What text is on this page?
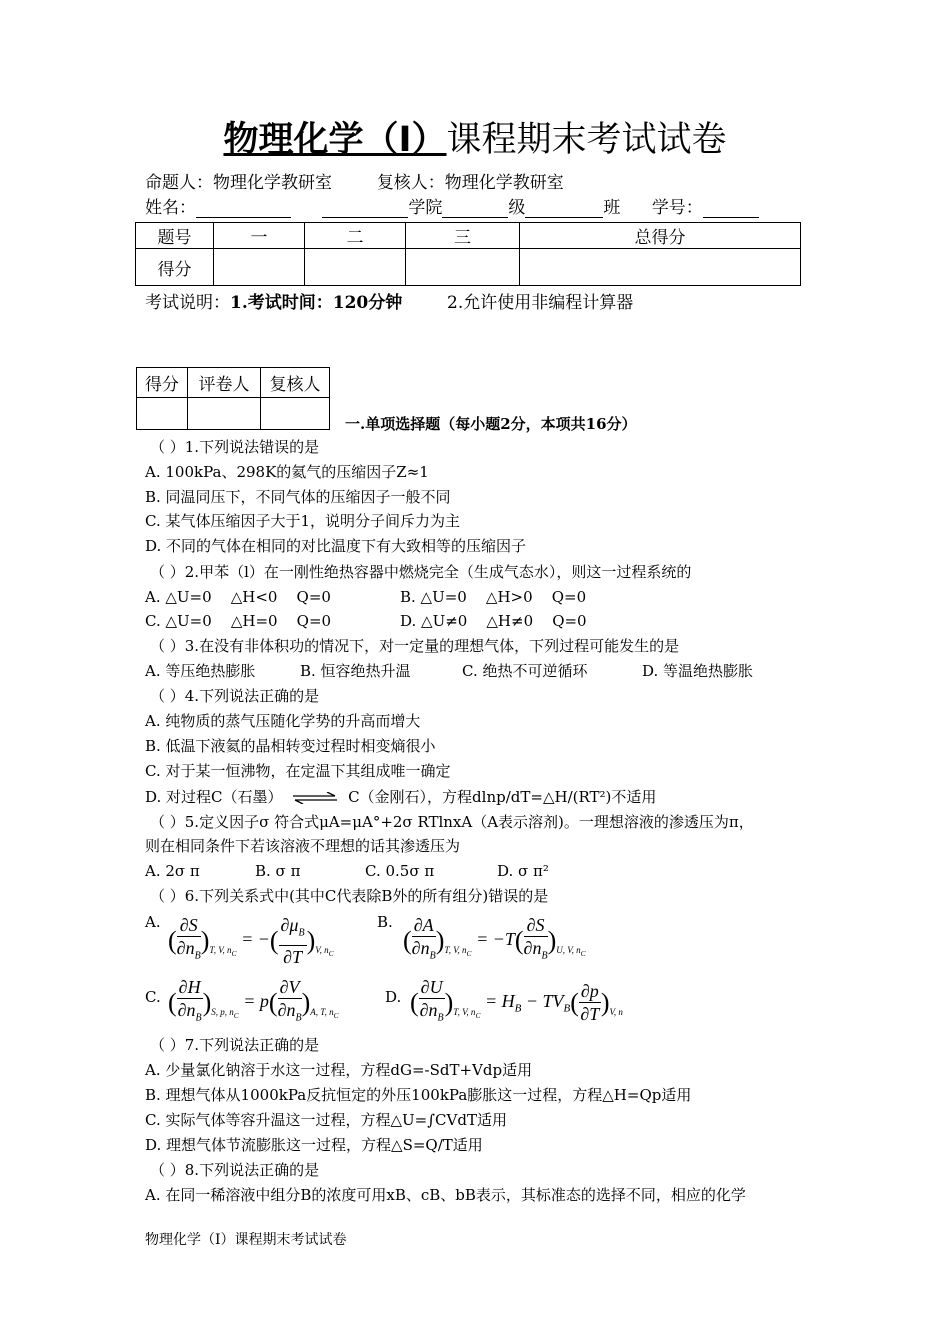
物理化学（Ⅰ）课程期末考试试卷
命题人：物理化学教研室	复核人：物理化学教研室
姓名：	学院	级	班 学号：
题号	一	二	三	总得分
得分				
考试说明：1.考试时间：120分钟	2.允许使用非编程计算器
得分	评卷人	复核人

一.单项选择题（每小题2分，本项共16分）
（ ）1.下列说法错误的是
A. 100kPa、298K的氦气的压缩因子Z≈1
B. 同温同压下，不同气体的压缩因子一般不同
C. 某气体压缩因子大于1，说明分子间斥力为主
D. 不同的气体在相同的对比温度下有大致相等的压缩因子
（ ）2.甲苯（l）在一刚性绝热容器中燃烧完全（生成气态水），则这一过程系统的
A. △U=0    △H<0    Q=0	B. △U=0    △H>0    Q=0
C. △U=0    △H=0    Q=0	D. △U≠0    △H≠0    Q=0
（ ）3.在没有非体积功的情况下，对一定量的理想气体，下列过程可能发生的是
A. 等压绝热膨胀	B. 恒容绝热升温	C. 绝热不可逆循环	D. 等温绝热膨胀
（ ）4.下列说法正确的是
A. 纯物质的蒸气压随化学势的升高而增大
B. 低温下液氦的晶相转变过程时相变熵很小
C. 对于某一恒沸物，在定温下其组成唯一确定
D. 对过程C（石墨） ⇌ C（金刚石），方程dlnp/dT=△H/(RT²)不适用
（ ）5.定义因子σ 符合式μA=μA°+2σ RTlnxA（A表示溶剂)。一理想溶液的渗透压为π，
则在相同条件下若该溶液不理想的话其渗透压为
A. 2σ π	B. σ π	C. 0.5σ π	D. σ π²
（ ）6.下列关系式中(其中C代表除B外的所有组分)错误的是
A.
( $\frac{\partial S}{\partial n_B} )_{T, V, n_C}$ = −( $\frac{\partial\mu_B}{\partial T} )_{V, n_C}$
B.
( $\frac{\partial A}{\partial n_B} )_{T, V, n_C} = -T( \frac{\partial S}{\partial n_B} )_{U, V, n_C}$
C. ( $\frac{\partial H}{\partial n_B} )_{S, p, n_C} = p( \frac{\partial V}{\partial n_B} )_{A, T, n_C}$
D. ( $\frac{\partial U}{\partial n_B} )_{T, V, n_C} = H_B - TV_B( \frac{\partial p}{\partial T} )_{V, n}$
（ ）7.下列说法正确的是
A. 少量氯化钠溶于水这一过程，方程dG=-SdT+Vdp适用
B. 理想气体从1000kPa反抗恒定的外压100kPa膨胀这一过程，方程△H=Qp适用
C. 实际气体等容升温这一过程，方程△U=∫CVdT适用
D. 理想气体节流膨胀这一过程，方程△S=Q/T适用
（ ）8.下列说法正确的是
A. 在同一稀溶液中组分B的浓度可用xB、cB、bB表示，其标准态的选择不同，相应的化学
物理化学（Ⅰ）课程期末考试试卷
